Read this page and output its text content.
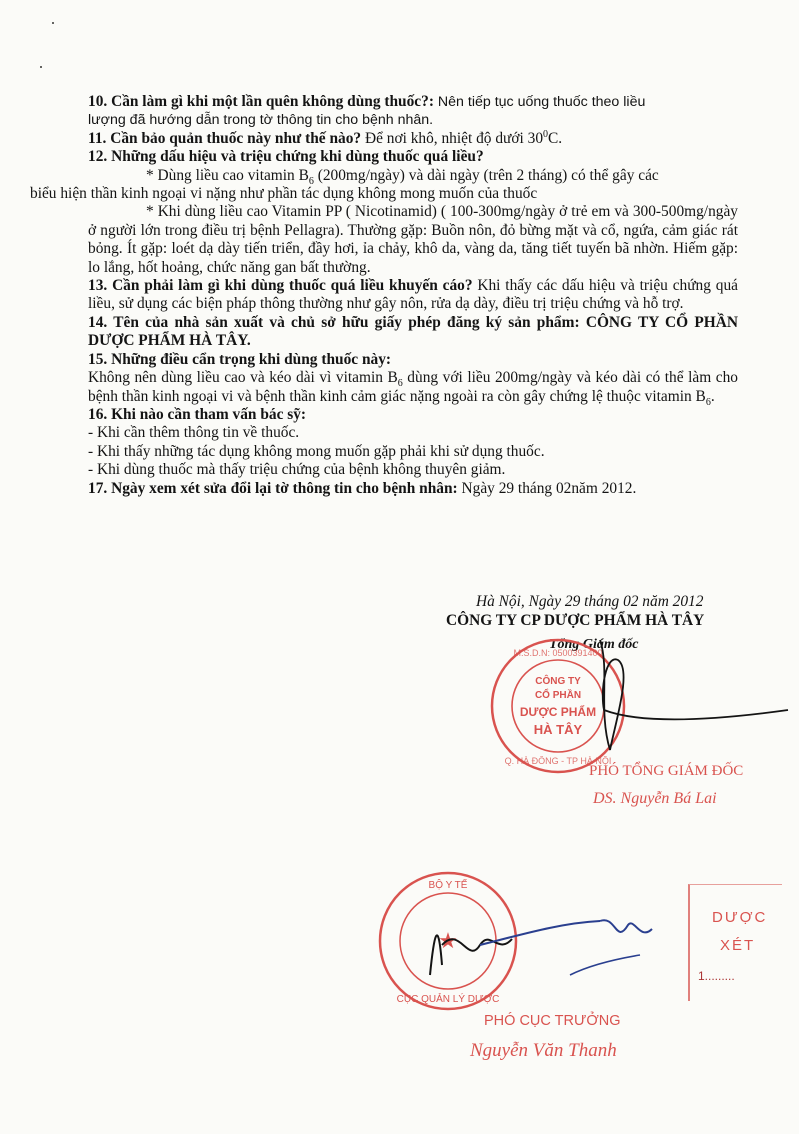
10. Cần làm gì khi một lần quên không dùng thuốc?: Nên tiếp tục uống thuốc theo liều
lượng đã hướng dẫn trong tờ thông tin cho bệnh nhân.

11. Cần bảo quản thuốc này như thế nào? Để nơi khô, nhiệt độ dưới $30^0C$.

12. Những dấu hiệu và triệu chứng khi dùng thuốc quá liều?

* Dùng liều cao vitamin $B_6$ (200mg/ngày) và dài ngày (trên 2 tháng) có thể gây các
biểu hiện thần kinh ngoại vi nặng như phần tác dụng không mong muốn của thuốc

* Khi dùng liều cao Vitamin PP ( Nicotinamid) ( 100-300mg/ngày ở trẻ em và 300-500mg/ngày ở người lớn trong điều trị bệnh Pellagra). Thường gặp: Buồn nôn, đỏ bừng mặt và cổ, ngứa, cảm giác rát bỏng. Ít gặp: loét dạ dày tiến triển, đầy hơi, ỉa chảy, khô da, vàng da, tăng tiết tuyến bã nhờn. Hiếm gặp: lo lắng, hốt hoảng, chức năng gan bất thường.

13. Cần phải làm gì khi dùng thuốc quá liều khuyến cáo? Khi thấy các dấu hiệu và triệu chứng quá liều, sử dụng các biện pháp thông thường như gây nôn, rửa dạ dày, điều trị triệu chứng và hỗ trợ.

14. Tên của nhà sản xuất và chủ sở hữu giấy phép đăng ký sản phẩm: CÔNG TY CỔ PHẦN DƯỢC PHẨM HÀ TÂY.

15. Những điều cẩn trọng khi dùng thuốc này:

Không nên dùng liều cao và kéo dài vì vitamin $B_6$ dùng với liều 200mg/ngày và kéo dài có thể làm cho bệnh thần kinh ngoại vi và bệnh thần kinh cảm giác nặng ngoài ra còn gây chứng lệ thuộc vitamin $B_6$.

16. Khi nào cần tham vấn bác sỹ:

- Khi cần thêm thông tin về thuốc.

- Khi thấy những tác dụng không mong muốn gặp phải khi sử dụng thuốc.

- Khi dùng thuốc mà thấy triệu chứng của bệnh không thuyên giảm.

17. Ngày xem xét sửa đổi lại tờ thông tin cho bệnh nhân: Ngày 29 tháng 02năm 2012.

Hà Nội, Ngày 29 tháng 02 năm 2012
CÔNG TY CP DƯỢC PHẨM HÀ TÂY
Tổng Giám đốc
M.S.D.N: 0500391400
Q. HÀ ĐÔNG - TP HÀ NỘI
CÔNG TY
CỔ PHẦN
DƯỢC PHẨM
HÀ TÂY
PHÓ TỔNG GIÁM ĐỐC
DS. Nguyễn Bá Lai
BỘ Y TẾ
CỤC QUẢN LÝ DƯỢC
★
DƯỢC
XÉT
1.........
PHÓ CỤC TRƯỞNG
Nguyễn Văn Thanh
